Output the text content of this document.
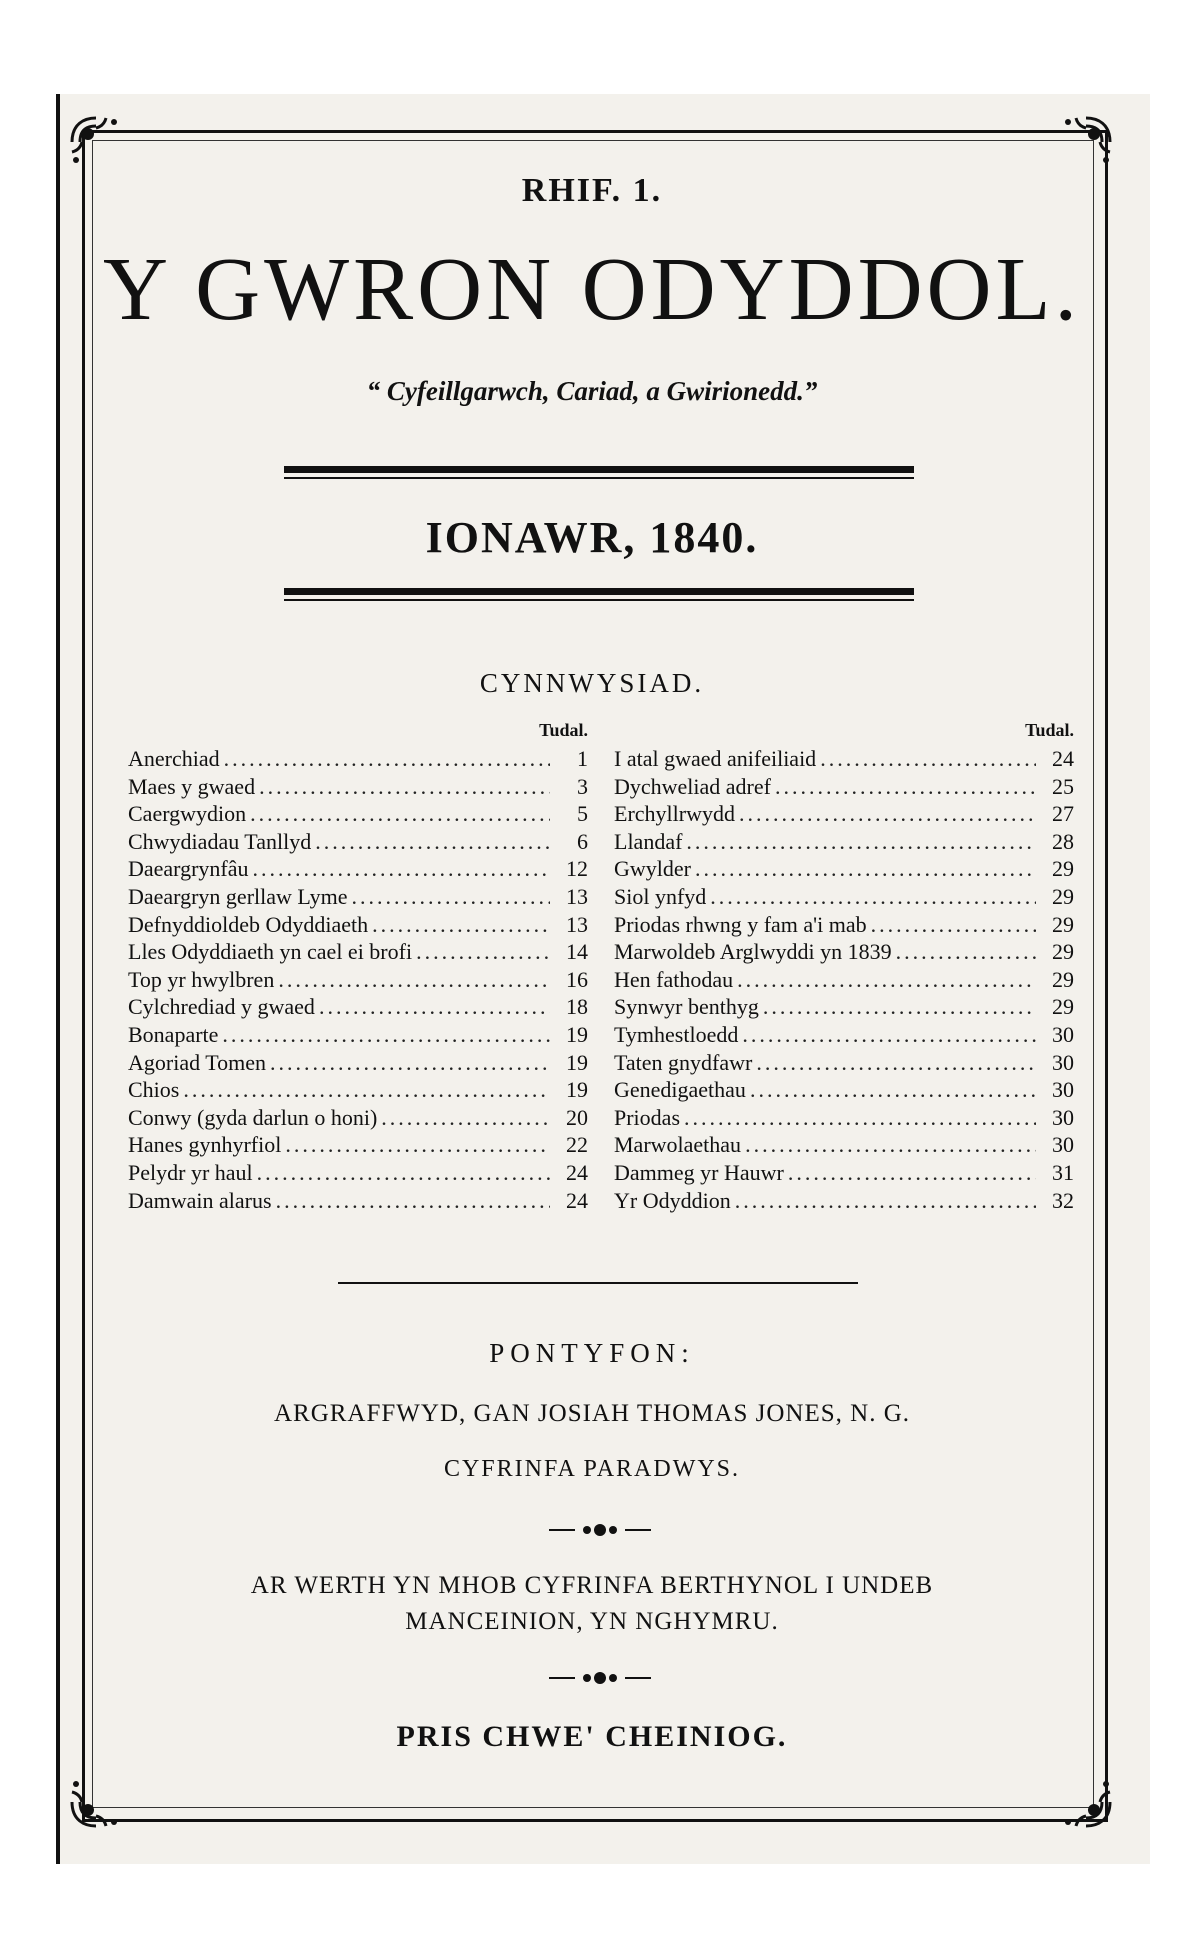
RHIF. 1.
Y GWRON ODYDDOL.
“ Cyfeillgarwch, Cariad, a Gwirionedd.”
IONAWR, 1840.
CYNNWYSIAD.
Tudal.
Anerchiad .....	1
Maes y gwaed .....	3
Caergwydion .....	5
Chwydiadau Tanllyd .....	6
Daeargrynfâu .....	12
Daeargryn gerllaw Lyme .....	13
Defnyddioldeb Odyddiaeth .....	13
Lles Odyddiaeth yn cael ei brofi .....	14
Top yr hwylbren .....	16
Cylchrediad y gwaed .....	18
Bonaparte .....	19
Agoriad Tomen .....	19
Chios .....	19
Conwy (gyda darlun o honi) .....	20
Hanes gynhyrfiol .....	22
Pelydr yr haul .....	24
Damwain alarus .....	24
Tudal.
I atal gwaed anifeiliaid .....	24
Dychweliad adref .....	25
Erchyllrwydd .....	27
Llandaf .....	28
Gwylder .....	29
Siol ynfyd .....	29
Priodas rhwng y fam a'i mab .....	29
Marwoldeb Arglwyddi yn 1839 .....	29
Hen fathodau .....	29
Synwyr benthyg .....	29
Tymhestloedd .....	30
Taten gnydfawr .....	30
Genedigaethau .....	30
Priodas .....	30
Marwolaethau .....	30
Dammeg yr Hauwr .....	31
Yr Odyddion .....	32
PONTYFON:
ARGRAFFWYD, GAN JOSIAH THOMAS JONES, N. G.
CYFRINFA PARADWYS.
AR WERTH YN MHOB CYFRINFA BERTHYNOL I UNDEB
MANCEINION, YN NGHYMRU.
PRIS CHWE' CHEINIOG.
